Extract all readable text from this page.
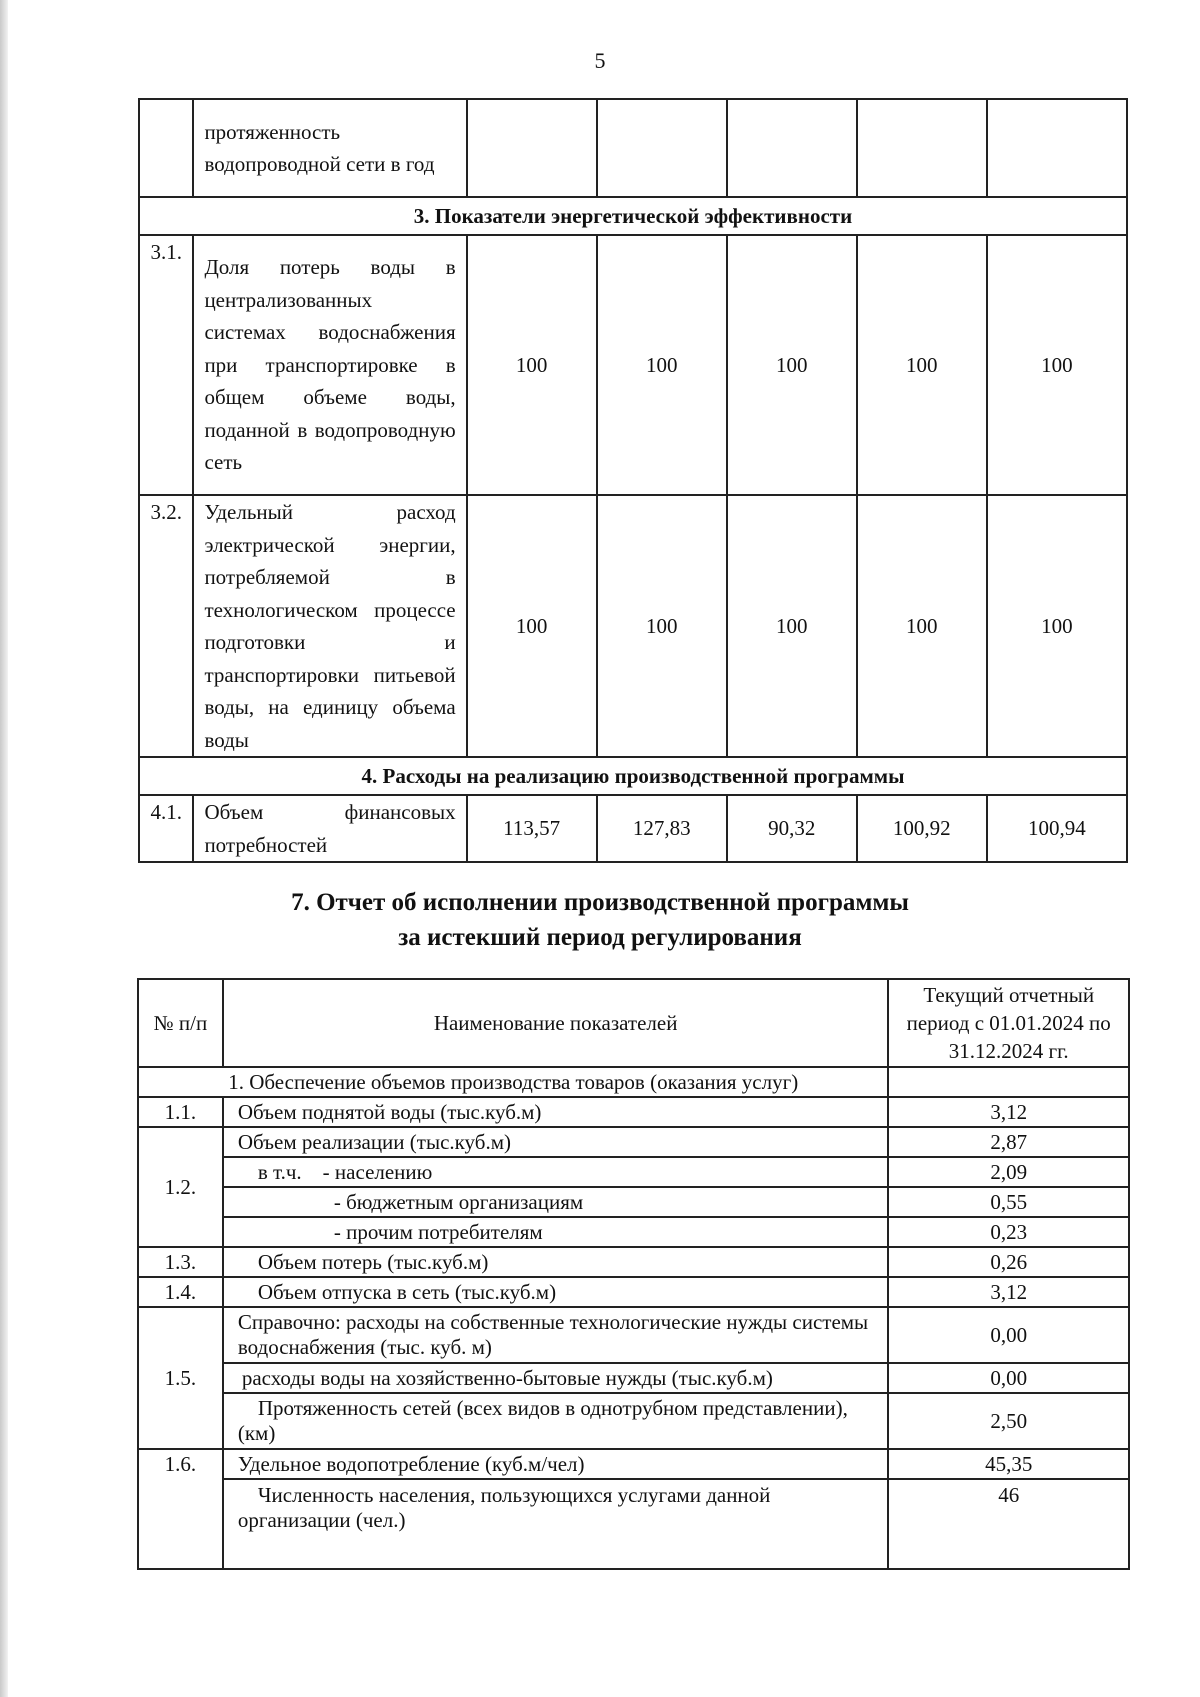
5
	протяженность водопроводной сети в год					
3. Показатели энергетической эффективности						
3.1.	Доля потерь воды в централизованных системах водоснабжения при транспортировке в общем объеме воды, поданной в водопроводную сеть	100	100	100	100	100
3.2.	Удельный расход электрической энергии, потребляемой в технологическом процессе подготовки и транспортировки питьевой воды, на единицу объема воды	100	100	100	100	100
4. Расходы на реализацию производственной программы						
4.1.	Объем финансовых потребностей	113,57	127,83	90,32	100,92	100,94
7. Отчет об исполнении производственной программы
за истекший период регулирования
№ п/п	Наименование показателей	Текущий отчетный период с 01.01.2024 по 31.12.2024 гг.
1. Обеспечение объемов производства товаров (оказания услуг)		
1.1.	Объем поднятой воды (тыс.куб.м)	3,12
1.2.	Объем реализации (тыс.куб.м)	2,87
	в т.ч.    - населению	2,09
	- бюджетным организациям	0,55
	- прочим потребителям	0,23
1.3.	Объем потерь (тыс.куб.м)	0,26
1.4.	Объем отпуска в сеть (тыс.куб.м)	3,12
1.5.	Справочно: расходы на собственные технологические нужды системы водоснабжения (тыс. куб. м)	0,00
	расходы воды на хозяйственно-бытовые нужды (тыс.куб.м)	0,00
	Протяженность сетей (всех видов в однотрубном представлении), (км)	2,50
1.6.	Удельное водопотребление (куб.м/чел)	45,35
	Численность населения, пользующихся услугами данной организации (чел.)	46
